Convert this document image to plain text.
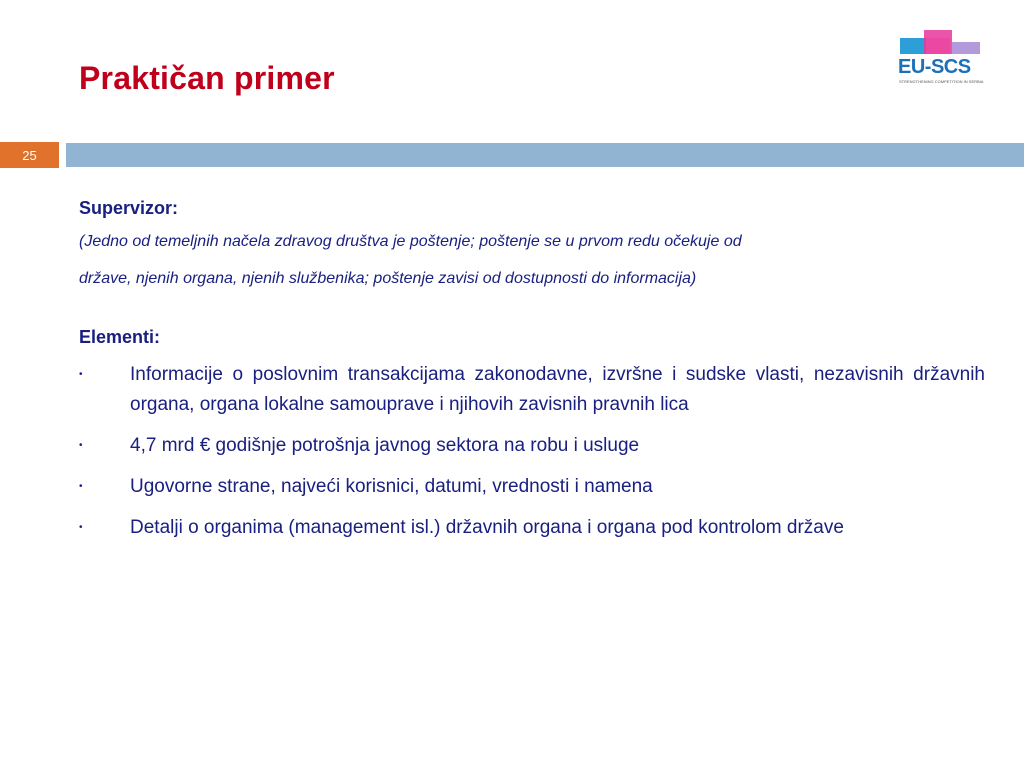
Praktičan primer	EU-SCS
STRENGTHENING COMPETITION IN SERBIA
25

Supervizor:

(Jedno od temeljnih načela zdravog društva je poštenje; poštenje se u prvom redu očekuje od

države, njenih organa, njenih službenika; poštenje zavisi od dostupnosti do informacija)

Elementi:

• Informacije o poslovnim transakcijama zakonodavne, izvršne i sudske vlasti, nezavisnih državnih organa, organa lokalne samouprave i njihovih zavisnih pravnih lica
• 4,7 mrd € godišnje potrošnja javnog sektora na robu i usluge
• Ugovorne strane, najveći korisnici, datumi, vrednosti i namena
• Detalji o organima (management isl.) državnih organa i organa pod kontrolom države
